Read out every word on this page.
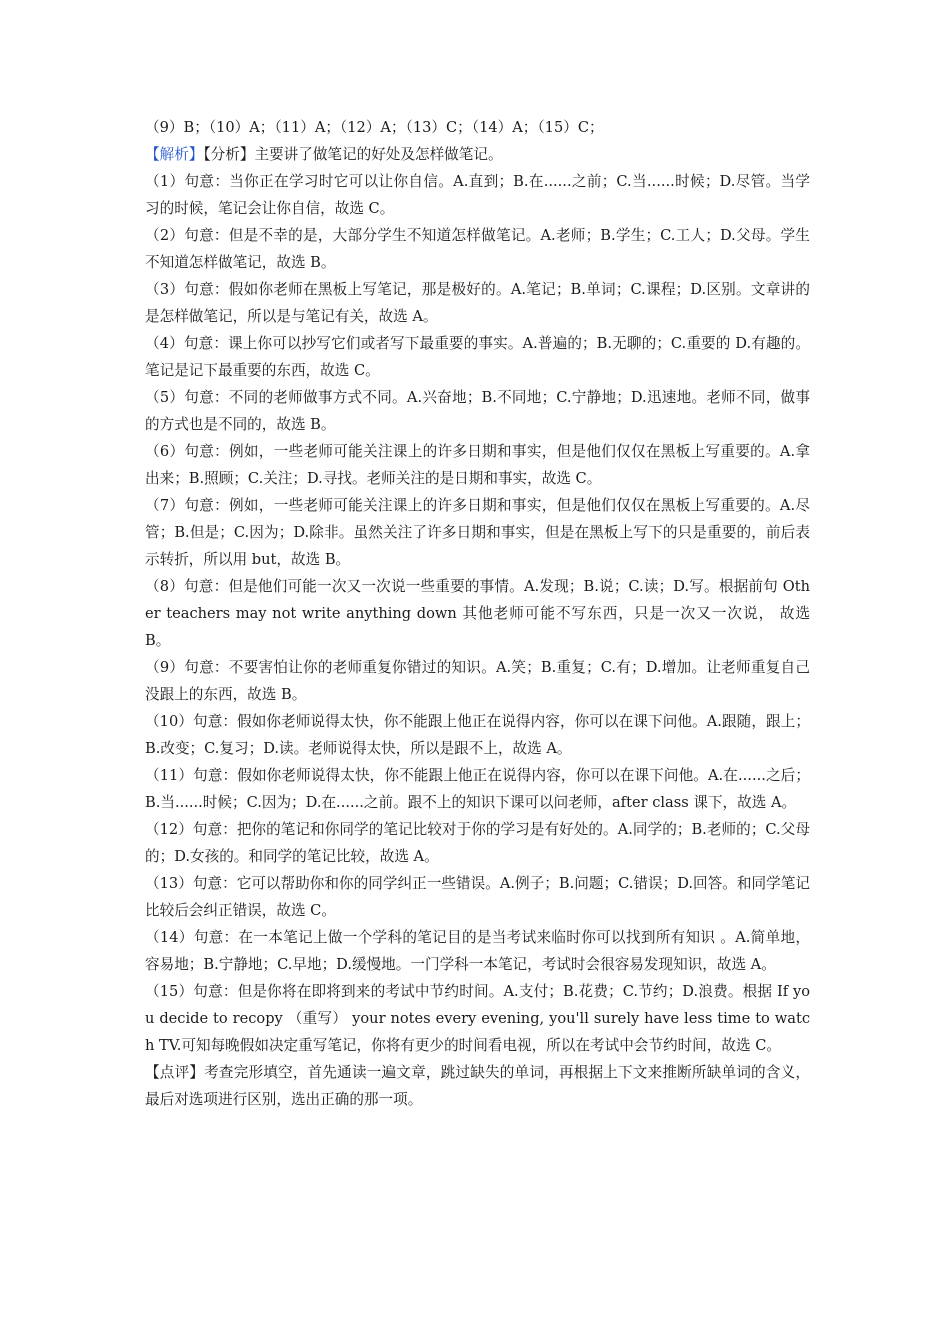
（9）B；（10）A；（11）A；（12）A；（13）C；（14）A；（15）C；

【解析】【分析】主要讲了做笔记的好处及怎样做笔记。

（1）句意：当你正在学习时它可以让你自信。A.直到；B.在......之前；C.当......时候；D.尽管。当学习的时候，笔记会让你自信，故选 C。

（2）句意：但是不幸的是，大部分学生不知道怎样做笔记。A.老师；B.学生；C.工人；D.父母。学生不知道怎样做笔记，故选 B。

（3）句意：假如你老师在黑板上写笔记，那是极好的。A.笔记；B.单词；C.课程；D.区别。文章讲的是怎样做笔记，所以是与笔记有关，故选 A。

（4）句意：课上你可以抄写它们或者写下最重要的事实。A.普遍的；B.无聊的；C.重要的 D.有趣的。笔记是记下最重要的东西，故选 C。

（5）句意：不同的老师做事方式不同。A.兴奋地；B.不同地；C.宁静地；D.迅速地。老师不同，做事的方式也是不同的，故选 B。

（6）句意：例如，一些老师可能关注课上的许多日期和事实，但是他们仅仅在黑板上写重要的。A.拿出来；B.照顾；C.关注；D.寻找。老师关注的是日期和事实，故选 C。

（7）句意：例如，一些老师可能关注课上的许多日期和事实，但是他们仅仅在黑板上写重要的。A.尽管；B.但是；C.因为；D.除非。虽然关注了许多日期和事实，但是在黑板上写下的只是重要的，前后表示转折，所以用 but，故选 B。

（8）句意：但是他们可能一次又一次说一些重要的事情。A.发现；B.说；C.读；D.写。根据前句 Other teachers may not write anything down 其他老师可能不写东西，只是一次又一次说， 故选 B。

（9）句意：不要害怕让你的老师重复你错过的知识。A.笑；B.重复；C.有；D.增加。让老师重复自己没跟上的东西，故选 B。

（10）句意：假如你老师说得太快，你不能跟上他正在说得内容，你可以在课下问他。A.跟随，跟上；B.改变；C.复习；D.读。老师说得太快，所以是跟不上，故选 A。

（11）句意：假如你老师说得太快，你不能跟上他正在说得内容，你可以在课下问他。A.在......之后；B.当......时候；C.因为；D.在......之前。跟不上的知识下课可以问老师，after class 课下，故选 A。

（12）句意：把你的笔记和你同学的笔记比较对于你的学习是有好处的。A.同学的；B.老师的；C.父母的；D.女孩的。和同学的笔记比较，故选 A。

（13）句意：它可以帮助你和你的同学纠正一些错误。A.例子；B.问题；C.错误；D.回答。和同学笔记比较后会纠正错误，故选 C。

（14）句意：在一本笔记上做一个学科的笔记目的是当考试来临时你可以找到所有知识 。A.简单地，容易地；B.宁静地；C.早地；D.缓慢地。一门学科一本笔记，考试时会很容易发现知识，故选 A。

（15）句意：但是你将在即将到来的考试中节约时间。A.支付；B.花费；C.节约；D.浪费。根据 If you decide to recopy （重写） your notes every evening, you'll surely have less time to watch TV.可知每晚假如决定重写笔记，你将有更少的时间看电视，所以在考试中会节约时间，故选 C。

【点评】考查完形填空，首先通读一遍文章，跳过缺失的单词，再根据上下文来推断所缺单词的含义，最后对选项进行区别，选出正确的那一项。
